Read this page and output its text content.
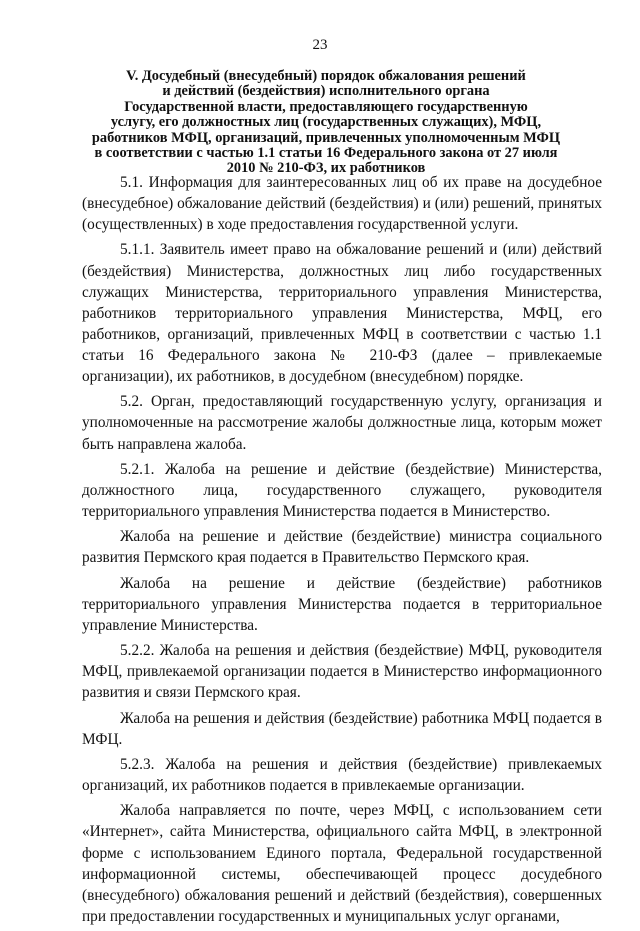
23
V. Досудебный (внесудебный) порядок обжалования решений
и действий (бездействия) исполнительного органа
Государственной власти, предоставляющего государственную
услугу, его должностных лиц (государственных служащих), МФЦ,
работников МФЦ, организаций, привлеченных уполномоченным МФЦ
в соответствии с частью 1.1 статьи 16 Федерального закона от 27 июля
2010 № 210-ФЗ, их работников

5.1. Информация для заинтересованных лиц об их праве на досудебное (внесудебное) обжалование действий (бездействия) и (или) решений, принятых (осуществленных) в ходе предоставления государственной услуги.

5.1.1. Заявитель имеет право на обжалование решений и (или) действий (бездействия) Министерства, должностных лиц либо государственных служащих Министерства, территориального управления Министерства, работников территориального управления Министерства, МФЦ, его работников, организаций, привлеченных МФЦ в соответствии с частью 1.1 статьи 16 Федерального закона № 210-ФЗ (далее – привлекаемые организации), их работников, в досудебном (внесудебном) порядке.

5.2. Орган, предоставляющий государственную услугу, организация и уполномоченные на рассмотрение жалобы должностные лица, которым может быть направлена жалоба.

5.2.1. Жалоба на решение и действие (бездействие) Министерства, должностного лица, государственного служащего, руководителя территориального управления Министерства подается в Министерство.

Жалоба на решение и действие (бездействие) министра социального развития Пермского края подается в Правительство Пермского края.

Жалоба на решение и действие (бездействие) работников территориального управления Министерства подается в территориальное управление Министерства.

5.2.2. Жалоба на решения и действия (бездействие) МФЦ, руководителя МФЦ, привлекаемой организации подается в Министерство информационного развития и связи Пермского края.

Жалоба на решения и действия (бездействие) работника МФЦ подается в МФЦ.

5.2.3. Жалоба на решения и действия (бездействие) привлекаемых организаций, их работников подается в привлекаемые организации.

Жалоба направляется по почте, через МФЦ, с использованием сети «Интернет», сайта Министерства, официального сайта МФЦ, в электронной форме с использованием Единого портала, Федеральной государственной информационной системы, обеспечивающей процесс досудебного (внесудебного) обжалования решений и действий (бездействия), совершенных при предоставлении государственных и муниципальных услуг органами,
